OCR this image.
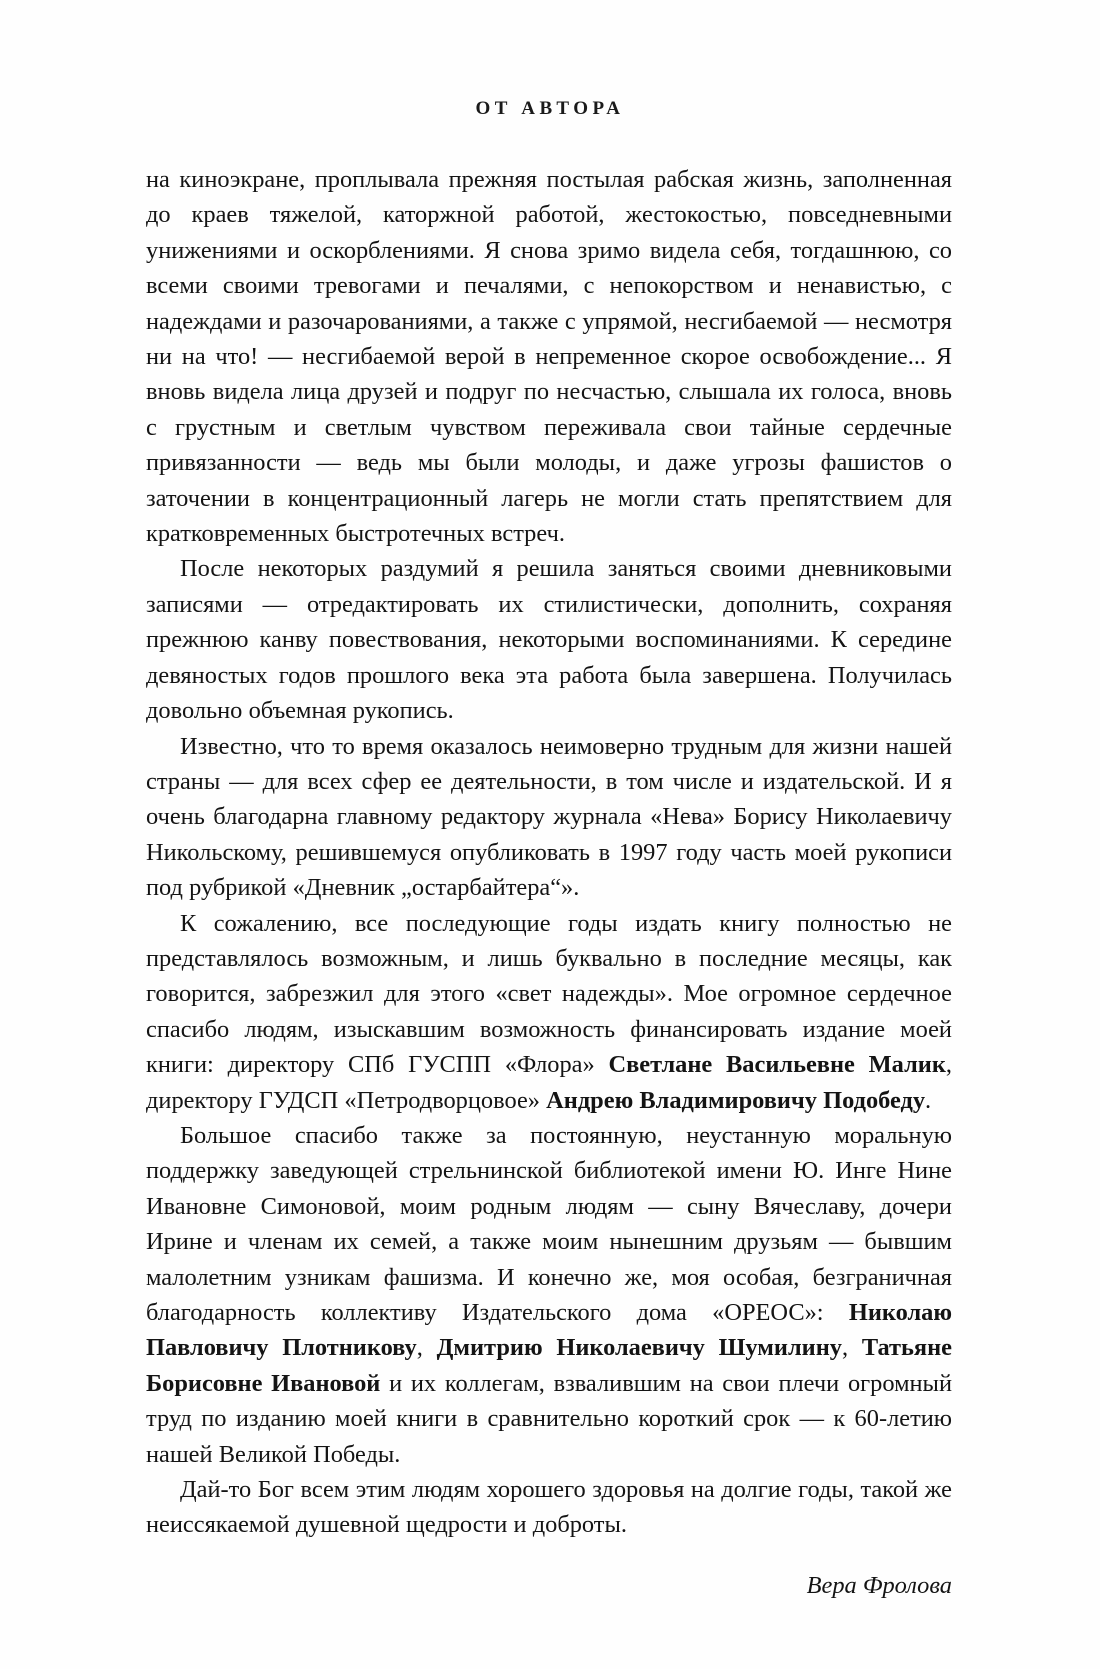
ОТ АВТОРА

на киноэкране, проплывала прежняя постылая рабская жизнь, заполненная до краев тяжелой, каторжной работой, жестокостью, повседневными унижениями и оскорблениями. Я снова зримо видела себя, тогдашнюю, со всеми своими тревогами и печалями, с непокорством и ненавистью, с надеждами и разочарованиями, а также с упрямой, несгибаемой — несмотря ни на что! — несгибаемой верой в непременное скорое освобождение... Я вновь видела лица друзей и подруг по несчастью, слышала их голоса, вновь с грустным и светлым чувством переживала свои тайные сердечные привязанности — ведь мы были молоды, и даже угрозы фашистов о заточении в концентрационный лагерь не могли стать препятствием для кратковременных быстротечных встреч.

После некоторых раздумий я решила заняться своими дневниковыми записями — отредактировать их стилистически, дополнить, сохраняя прежнюю канву повествования, некоторыми воспоминаниями. К середине девяностых годов прошлого века эта работа была завершена. Получилась довольно объемная рукопись.

Известно, что то время оказалось неимоверно трудным для жизни нашей страны — для всех сфер ее деятельности, в том числе и издательской. И я очень благодарна главному редактору журнала «Нева» Борису Николаевичу Никольскому, решившемуся опубликовать в 1997 году часть моей рукописи под рубрикой «Дневник „остарбайтера“».

К сожалению, все последующие годы издать книгу полностью не представлялось возможным, и лишь буквально в последние месяцы, как говорится, забрезжил для этого «свет надежды». Мое огромное сердечное спасибо людям, изыскавшим возможность финансировать издание моей книги: директору СПб ГУСПП «Флора» Светлане Васильевне Малик, директору ГУДСП «Петродворцовое» Андрею Владимировичу Подобеду.

Большое спасибо также за постоянную, неустанную моральную поддержку заведующей стрельнинской библиотекой имени Ю. Инге Нине Ивановне Симоновой, моим родным людям — сыну Вячеславу, дочери Ирине и членам их семей, а также моим нынешним друзьям — бывшим малолетним узникам фашизма. И конечно же, моя особая, безграничная благодарность коллективу Издательского дома «ОРЕОС»: Николаю Павловичу Плотникову, Дмитрию Николаевичу Шумилину, Татьяне Борисовне Ивановой и их коллегам, взвалившим на свои плечи огромный труд по изданию моей книги в сравнительно короткий срок — к 60-летию нашей Великой Победы.

Дай-то Бог всем этим людям хорошего здоровья на долгие годы, такой же неиссякаемой душевной щедрости и доброты.

Вера Фролова
